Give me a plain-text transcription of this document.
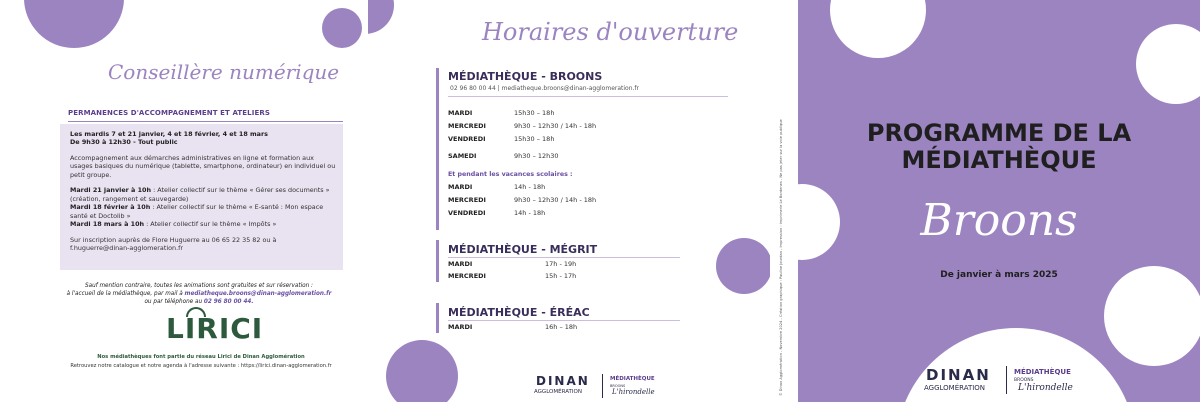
Conseillère numérique
PERMANENCES D'ACCOMPAGNEMENT ET ATELIERS

Les mardis 7 et 21 janvier, 4 et 18 février, 4 et 18 mars
De 9h30 à 12h30 - Tout public

Accompagnement aux démarches administratives en ligne et formation aux usages basiques du numérique (tablette, smartphone, ordinateur) en individuel ou petit groupe.

Mardi 21 janvier à 10h : Atelier collectif sur le thème « Gérer ses documents » (création, rangement et sauvegarde)
Mardi 18 février à 10h : Atelier collectif sur le thème « E-santé : Mon espace santé et Doctolib »
Mardi 18 mars à 10h : Atelier collectif sur le thème « Impôts »

Sur inscription auprès de Flore Huguerre au 06 65 22 35 82 ou à f.huguerre@dinan-agglomeration.fr

Sauf mention contraire, toutes les animations sont gratuites et sur réservation :
à l'accueil de la médiathèque, par mail à mediatheque.broons@dinan-agglomeration.fr
ou par téléphone au 02 96 80 00 44.
LIRICI
Nos médiathèques font partie du réseau Lirici de Dinan Agglomération
Retrouvez notre catalogue et notre agenda à l'adresse suivante : https://lirici.dinan-agglomeration.fr
Horaires d'ouverture
MÉDIATHÈQUE - BROONS
02 96 80 00 44 | mediatheque.broons@dinan-agglomeration.fr
MARDI	15h30 – 18h
MERCREDI	9h30 – 12h30 / 14h - 18h
VENDREDI	15h30 – 18h
SAMEDI	9h30 – 12h30
Et pendant les vacances scolaires :
MARDI	14h - 18h
MERCREDI	9h30 – 12h30 / 14h - 18h
VENDREDI	14h - 18h
MÉDIATHÈQUE - MÉGRIT
MARDI	17h - 19h
MERCREDI	15h - 17h
MÉDIATHÈQUE - ÉRÉAC
MARDI	16h – 18h
DINAN
AGGLOMÉRATION
MÉDIATHÈQUE
BROONS
L'hirondelle	© Dinan Agglomération - Novembre 2024 - Création graphique : Pauline Jourdan - Impression : Imprimerie Le Bordenes - Ne pas jeter sur la voie publique	PROGRAMME DE LA
MÉDIATHÈQUE
Broons
De janvier à mars 2025
DINAN
AGGLOMÉRATION
MÉDIATHÈQUE
BROONS
L'hirondelle
